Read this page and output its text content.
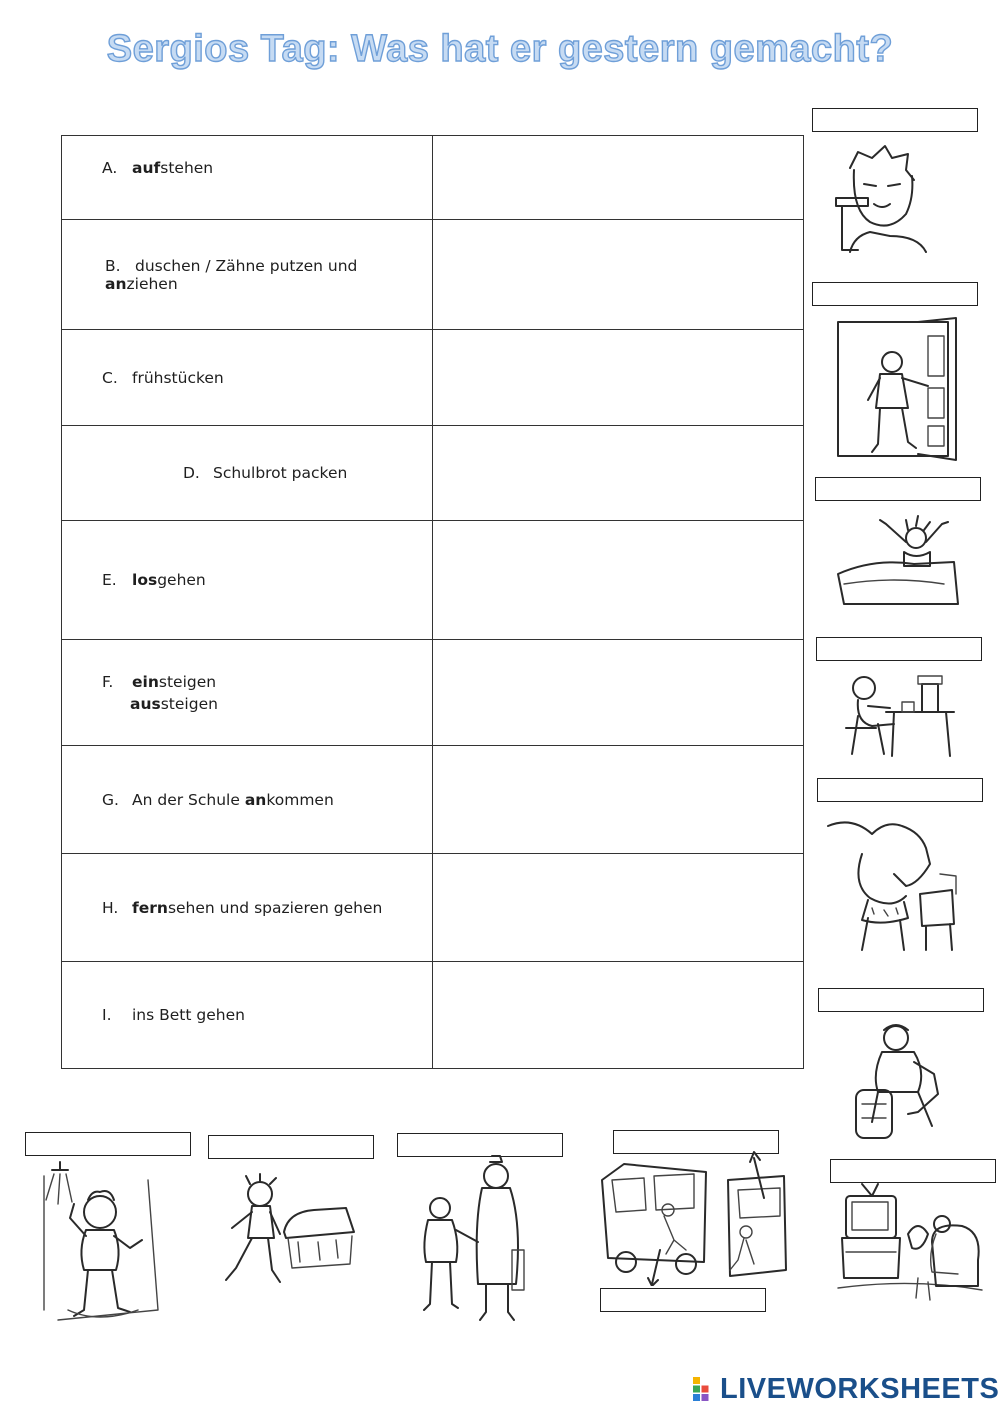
Sergios Tag: Was hat er gestern gemacht?
A. aufstehen	

B. duschen / Zähne putzen und anziehen	

C. frühstücken	

D. Schulbrot packen	

E. losgehen	

F. einsteigen
aussteigen	

G. An der Schule ankommen	

H. fernsehen und spazieren gehen	

I. ins Bett gehen	

LIVEWORKSHEETS
